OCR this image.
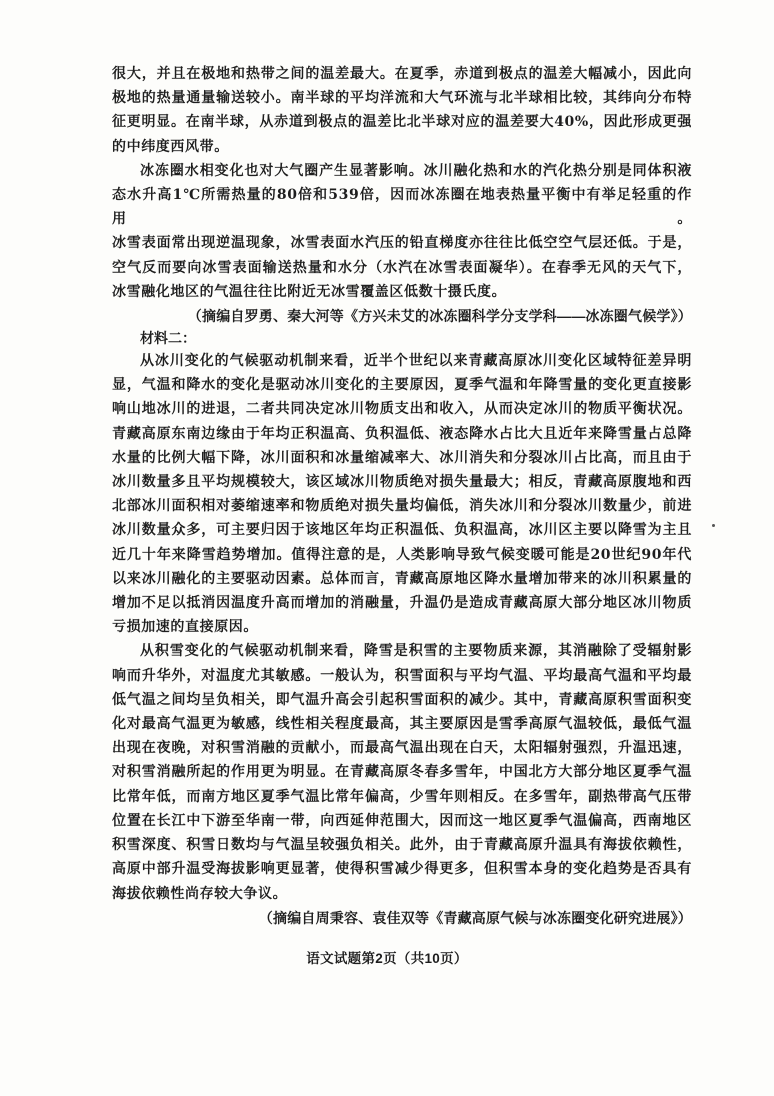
很大，并且在极地和热带之间的温差最大。在夏季，赤道到极点的温差大幅减小，因此向

极地的热量通量输送较小。南半球的平均洋流和大气环流与北半球相比较，其纬向分布特

征更明显。在南半球，从赤道到极点的温差比北半球对应的温差要大40%，因此形成更强

的中纬度西风带。

冰冻圈水相变化也对大气圈产生显著影响。冰川融化热和水的汽化热分别是同体积液

态水升高1℃所需热量的80倍和539倍，因而冰冻圈在地表热量平衡中有举足轻重的作用。

冰雪表面常出现逆温现象，冰雪表面水汽压的铅直梯度亦往往比低空空气层还低。于是，

空气反而要向冰雪表面输送热量和水分（水汽在冰雪表面凝华）。在春季无风的天气下，

冰雪融化地区的气温往往比附近无冰雪覆盖区低数十摄氏度。

（摘编自罗勇、秦大河等《方兴未艾的冰冻圈科学分支学科——冰冻圈气候学》）

材料二：

从冰川变化的气候驱动机制来看，近半个世纪以来青藏高原冰川变化区域特征差异明

显，气温和降水的变化是驱动冰川变化的主要原因，夏季气温和年降雪量的变化更直接影

响山地冰川的进退，二者共同决定冰川物质支出和收入，从而决定冰川的物质平衡状况。

青藏高原东南边缘由于年均正积温高、负积温低、液态降水占比大且近年来降雪量占总降

水量的比例大幅下降，冰川面积和冰量缩减率大、冰川消失和分裂冰川占比高，而且由于

冰川数量多且平均规模较大，该区域冰川物质绝对损失量最大；相反，青藏高原腹地和西

北部冰川面积相对萎缩速率和物质绝对损失量均偏低，消失冰川和分裂冰川数量少，前进

冰川数量众多，可主要归因于该地区年均正积温低、负积温高，冰川区主要以降雪为主且

近几十年来降雪趋势增加。值得注意的是，人类影响导致气候变暖可能是20世纪90年代

以来冰川融化的主要驱动因素。总体而言，青藏高原地区降水量增加带来的冰川积累量的

增加不足以抵消因温度升高而增加的消融量，升温仍是造成青藏高原大部分地区冰川物质

亏损加速的直接原因。

从积雪变化的气候驱动机制来看，降雪是积雪的主要物质来源，其消融除了受辐射影

响而升华外，对温度尤其敏感。一般认为，积雪面积与平均气温、平均最高气温和平均最

低气温之间均呈负相关，即气温升高会引起积雪面积的减少。其中，青藏高原积雪面积变

化对最高气温更为敏感，线性相关程度最高，其主要原因是雪季高原气温较低，最低气温

出现在夜晚，对积雪消融的贡献小，而最高气温出现在白天，太阳辐射强烈，升温迅速，

对积雪消融所起的作用更为明显。在青藏高原冬春多雪年，中国北方大部分地区夏季气温

比常年低，而南方地区夏季气温比常年偏高，少雪年则相反。在多雪年，副热带高气压带

位置在长江中下游至华南一带，向西延伸范围大，因而这一地区夏季气温偏高，西南地区

积雪深度、积雪日数均与气温呈较强负相关。此外，由于青藏高原升温具有海拔依赖性，

高原中部升温受海拔影响更显著，使得积雪减少得更多，但积雪本身的变化趋势是否具有

海拔依赖性尚存较大争议。

（摘编自周秉容、袁佳双等《青藏高原气候与冰冻圈变化研究进展》）

语文试题第2页（共10页）
